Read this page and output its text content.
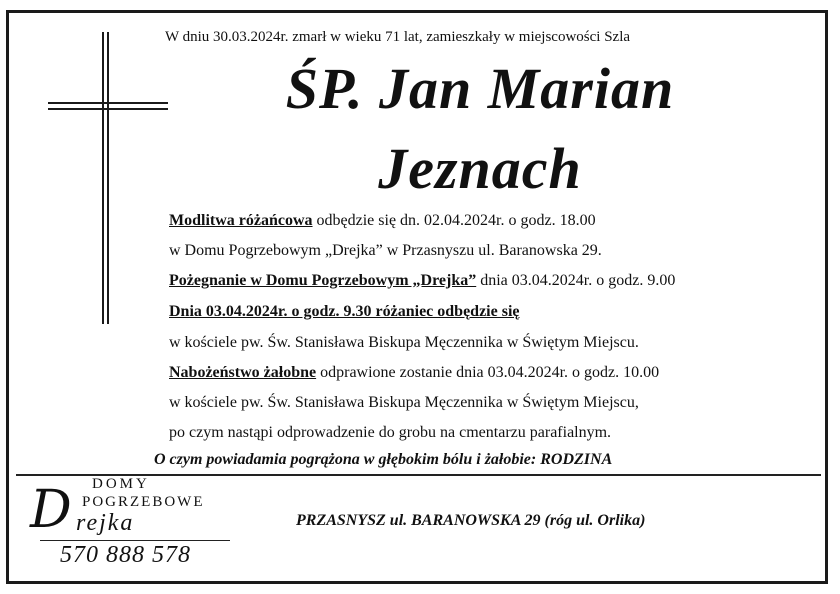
W dniu 30.03.2024r. zmarł w wieku 71 lat, zamieszkały w miejscowości Szla
ŚP. Jan Marian
Jeznach
Modlitwa różańcowa odbędzie się dn. 02.04.2024r. o godz. 18.00
w Domu Pogrzebowym „Drejka” w Przasnyszu ul. Baranowska 29.
Pożegnanie w Domu Pogrzebowym „Drejka” dnia 03.04.2024r. o godz. 9.00
Dnia 03.04.2024r. o godz. 9.30 różaniec odbędzie się
w kościele pw. Św. Stanisława Biskupa Męczennika w Świętym Miejscu.
Nabożeństwo żałobne odprawione zostanie dnia 03.04.2024r. o godz. 10.00
w kościele pw. Św. Stanisława Biskupa Męczennika w Świętym Miejscu,
po czym nastąpi odprowadzenie do grobu na cmentarzu parafialnym.
O czym powiadamia pogrążona w głębokim bólu i żałobie: RODZINA
DOMY
POGRZEBOWE
D rejka
570 888 578
PRZASNYSZ ul. BARANOWSKA 29 (róg ul. Orlika)
